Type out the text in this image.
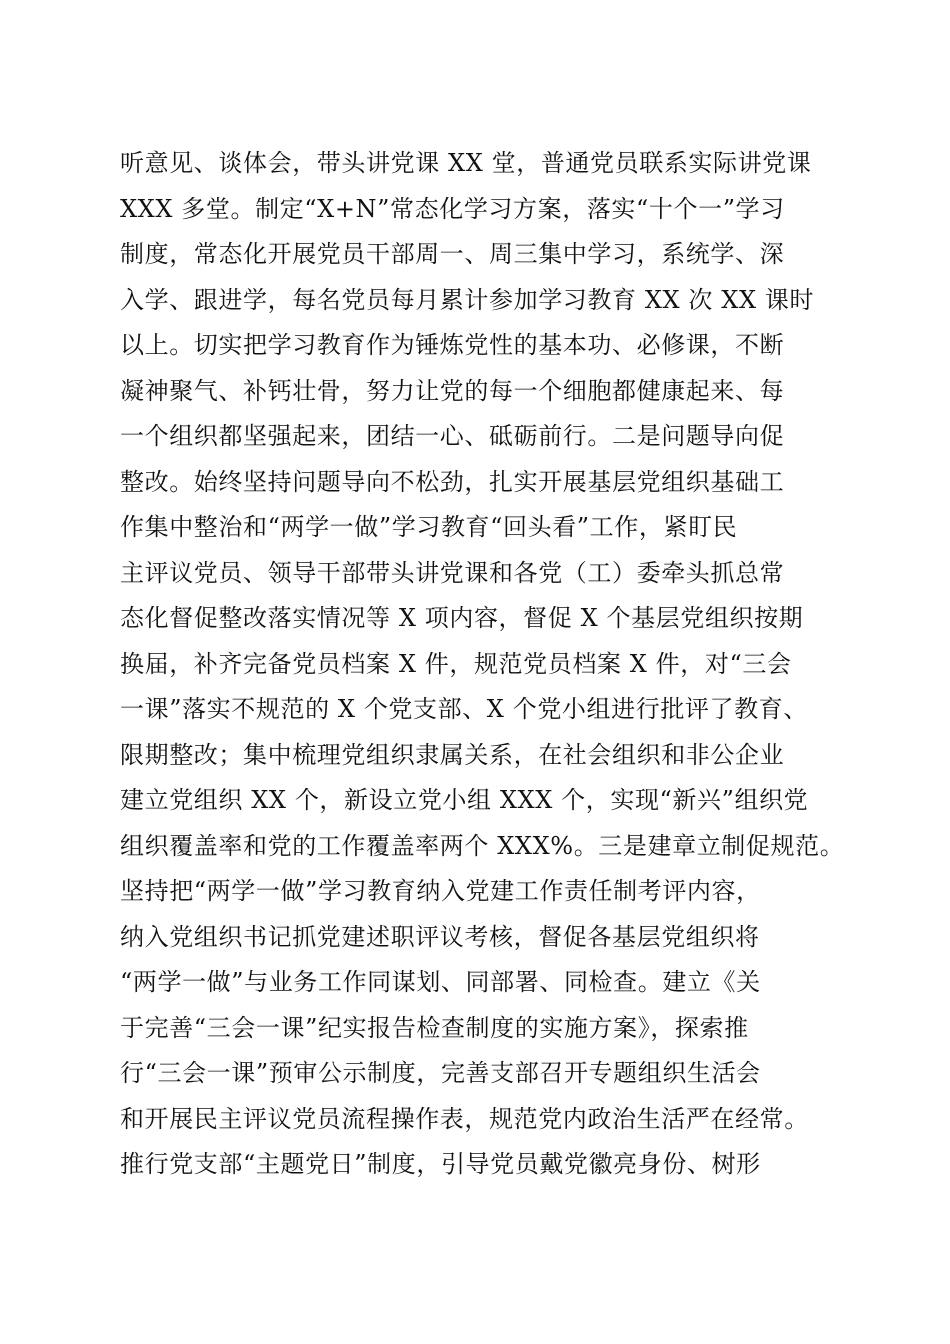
听意见、谈体会，带头讲党课 XX 堂，普通党员联系实际讲党课
XXX 多堂。制定“X+N”常态化学习方案，落实“十个一”学习
制度，常态化开展党员干部周一、周三集中学习，系统学、深
入学、跟进学，每名党员每月累计参加学习教育 XX 次 XX 课时
以上。切实把学习教育作为锤炼党性的基本功、必修课，不断
凝神聚气、补钙壮骨，努力让党的每一个细胞都健康起来、每
一个组织都坚强起来，团结一心、砥砺前行。二是问题导向促
整改。始终坚持问题导向不松劲，扎实开展基层党组织基础工
作集中整治和“两学一做”学习教育“回头看”工作，紧盯民
主评议党员、领导干部带头讲党课和各党（工）委牵头抓总常
态化督促整改落实情况等 X 项内容，督促 X 个基层党组织按期
换届，补齐完备党员档案 X 件，规范党员档案 X 件，对“三会
一课”落实不规范的 X 个党支部、X 个党小组进行批评了教育、
限期整改；集中梳理党组织隶属关系，在社会组织和非公企业
建立党组织 XX 个，新设立党小组 XXX 个，实现“新兴”组织党
组织覆盖率和党的工作覆盖率两个 XXX%。三是建章立制促规范。
坚持把“两学一做”学习教育纳入党建工作责任制考评内容，
纳入党组织书记抓党建述职评议考核，督促各基层党组织将
“两学一做”与业务工作同谋划、同部署、同检查。建立《关
于完善“三会一课”纪实报告检查制度的实施方案》，探索推
行“三会一课”预审公示制度，完善支部召开专题组织生活会
和开展民主评议党员流程操作表，规范党内政治生活严在经常。
推行党支部“主题党日”制度，引导党员戴党徽亮身份、树形
